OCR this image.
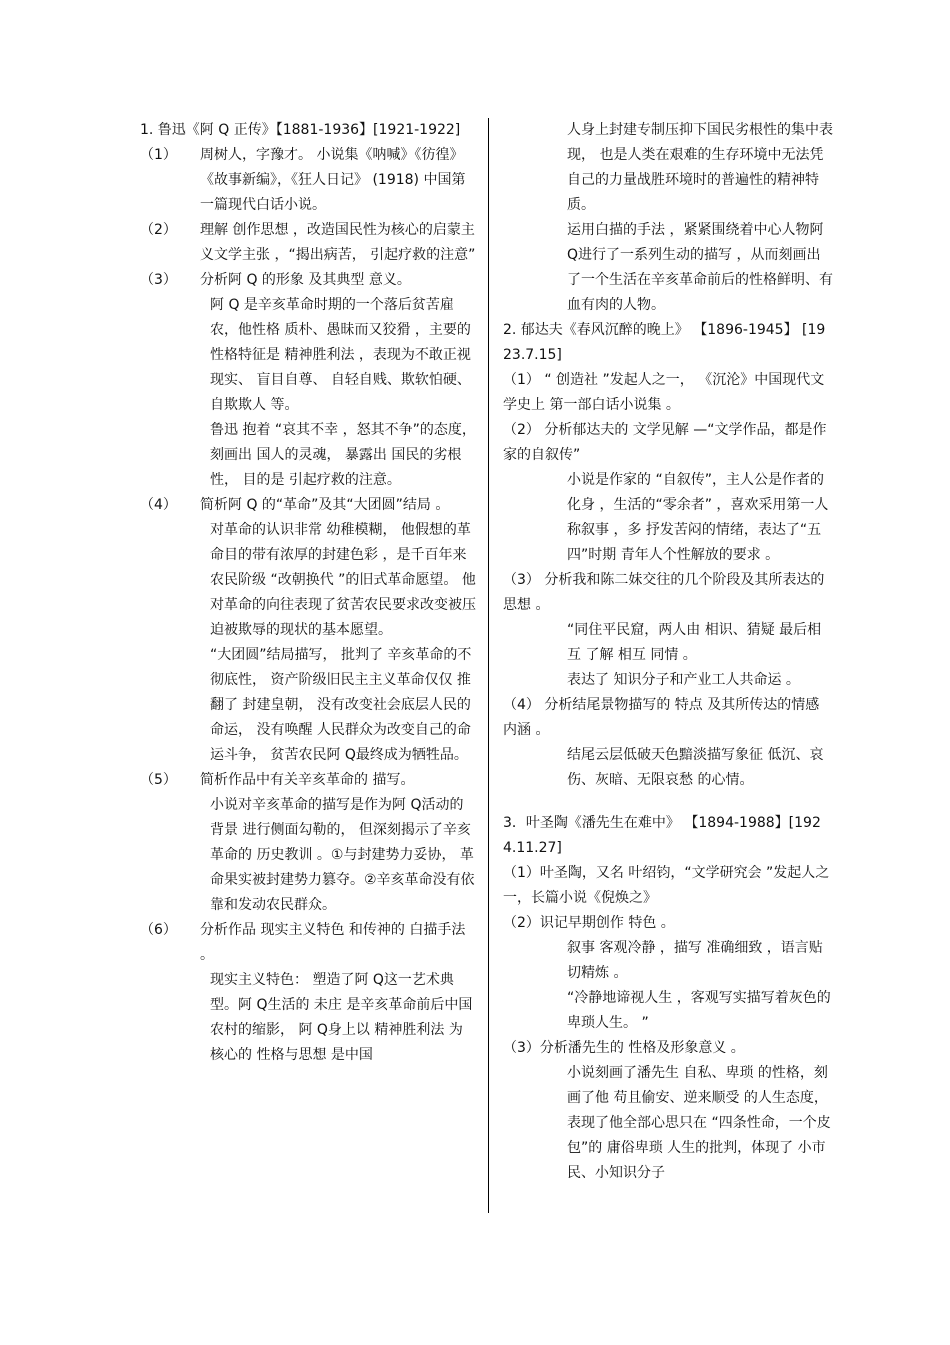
1. 鲁迅《阿 Q 正传》【1881-1936】[1921-1922]
（1）	周树人，字豫才。 小说集《呐喊》《彷徨》《故事新编》，《狂人日记》 (1918) 中国第一篇现代白话小说。
（2）	理解 创作思想 ，改造国民性为核心的启蒙主义文学主张 ，“揭出病苦， 引起疗救的注意”
（3）	分析阿 Q 的形象 及其典型 意义。
阿 Q 是辛亥革命时期的一个落后贫苦雇农，他性格 质朴、愚昧而又狡猾 ，主要的性格特征是 精神胜利法 ，表现为不敢正视现实、 盲目自尊、 自轻自贱、欺软怕硬、自欺欺人 等。
鲁迅 抱着 “哀其不幸 ，怒其不争”的态度，刻画出 国人的灵魂， 暴露出 国民的劣根性， 目的是 引起疗救的注意。
（4）	简析阿 Q 的“革命”及其“大团圆”结局 。
对革命的认识非常 幼稚模糊， 他假想的革命目的带有浓厚的封建色彩 ，是千百年来农民阶级 “改朝换代 ”的旧式革命愿望。 他对革命的向往表现了贫苦农民要求改变被压迫被欺辱的现状的基本愿望。
“大团圆”结局描写， 批判了 辛亥革命的不彻底性， 资产阶级旧民主主义革命仅仅 推翻了 封建皇朝， 没有改变社会底层人民的命运， 没有唤醒 人民群众为改变自己的命运斗争， 贫苦农民阿 Q最终成为牺牲品。
（5）	简析作品中有关辛亥革命的 描写。
小说对辛亥革命的描写是作为阿 Q活动的背景 进行侧面勾勒的， 但深刻揭示了辛亥革命的 历史教训 。①与封建势力妥协， 革命果实被封建势力篡夺。②辛亥革命没有依靠和发动农民群众。
（6）	分析作品 现实主义特色 和传神的 白描手法 。
现实主义特色： 塑造了阿 Q这一艺术典型。阿 Q生活的 未庄 是辛亥革命前后中国农村的缩影， 阿 Q身上以 精神胜利法 为核心的 性格与思想 是中国
人身上封建专制压抑下国民劣根性的集中表现， 也是人类在艰难的生存环境中无法凭自己的力量战胜环境时的普遍性的精神特质。
运用白描的手法 ，紧紧围绕着中心人物阿 Q进行了一系列生动的描写 ，从而刻画出了一个生活在辛亥革命前后的性格鲜明、有血有肉的人物。
2. 郁达夫《春风沉醉的晚上》 【1896-1945】 [1923.7.15]
（1） “ 创造社 ”发起人之一， 《沉沦》中国现代文学史上 第一部白话小说集 。
（2） 分析郁达夫的 文学见解 —“文学作品，都是作家的自叙传”
小说是作家的 “自叙传”，主人公是作者的化身 ，生活的“零余者” ，喜欢采用第一人称叙事 ，多 抒发苦闷的情绪，表达了“五四”时期 青年人个性解放的要求 。
（3） 分析我和陈二妹交往的几个阶段及其所表达的 思想 。
“同住平民窟，两人由 相识、猜疑 最后相互 了解 相互 同情 。
表达了 知识分子和产业工人共命运 。
（4） 分析结尾景物描写的 特点 及其所传达的情感内涵 。
结尾云层低破天色黯淡描写象征 低沉、哀伤、灰暗、无限哀愁 的心情。
3．叶圣陶《潘先生在难中》 【1894-1988】[1924.11.27]
（1）叶圣陶，又名 叶绍钧，“文学研究会 ”发起人之一，长篇小说《倪焕之》
（2）识记早期创作 特色 。
叙事 客观冷静 ，描写 准确细致 ，语言贴切精炼 。
“冷静地谛视人生 ，客观写实描写着灰色的卑琐人生。 ”
（3）分析潘先生的 性格及形象意义 。
小说刻画了潘先生 自私、卑琐 的性格，刻画了他 苟且偷安、逆来顺受 的人生态度，表现了他全部心思只在 “四条性命，一个皮包”的 庸俗卑琐 人生的批判，体现了 小市民、小知识分子
